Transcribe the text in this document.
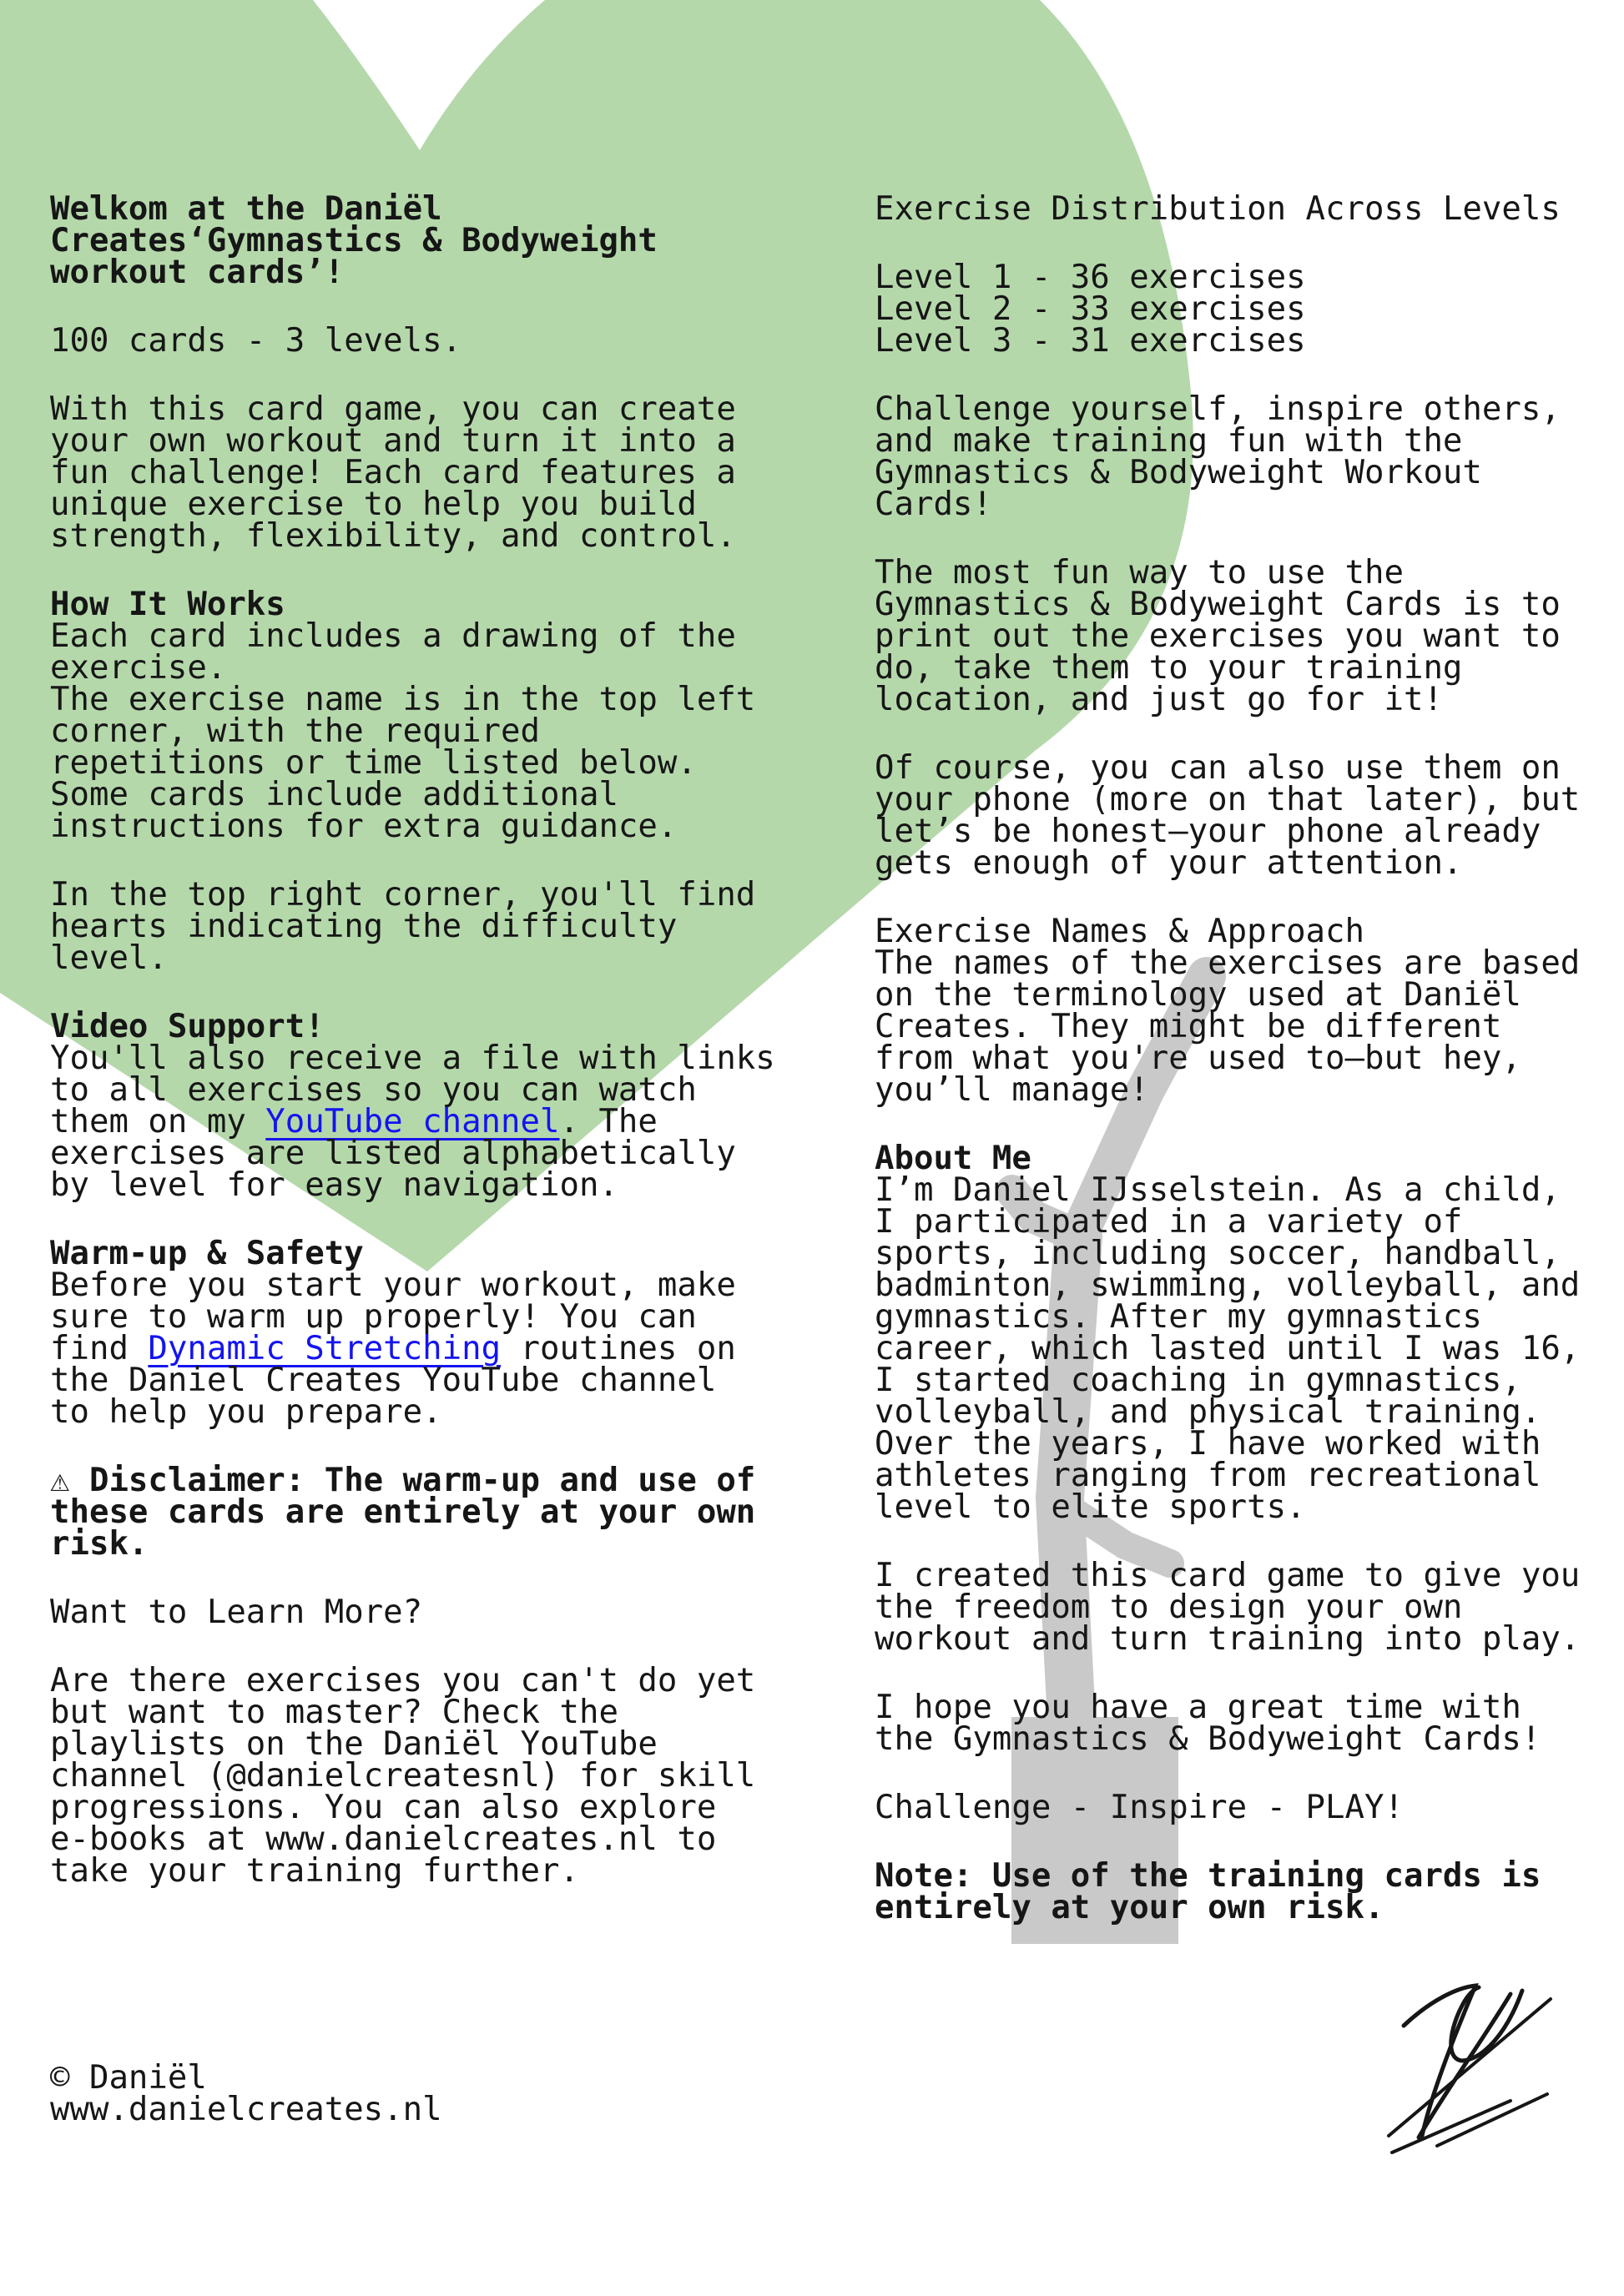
Welkom at the Daniël
Creates‘Gymnastics & Bodyweight
workout cards’!
100 cards - 3 levels.
With this card game, you can create
your own workout and turn it into a
fun challenge! Each card features a
unique exercise to help you build
strength, flexibility, and control.
How It Works
Each card includes a drawing of the
exercise.
The exercise name is in the top left
corner, with the required
repetitions or time listed below.
Some cards include additional
instructions for extra guidance.
In the top right corner, you'll find
hearts indicating the difficulty
level.
Video Support!
You'll also receive a file with links
to all exercises so you can watch
them on my YouTube channel. The
exercises are listed alphabetically
by level for easy navigation.
Warm-up & Safety
Before you start your workout, make
sure to warm up properly! You can
find Dynamic Stretching routines on
the Daniel Creates YouTube channel
to help you prepare.
⚠ Disclaimer: The warm-up and use of
these cards are entirely at your own
risk.
Want to Learn More?
Are there exercises you can't do yet
but want to master? Check the
playlists on the Daniël YouTube
channel (@danielcreatesnl) for skill
progressions. You can also explore
e-books at www.danielcreates.nl to
take your training further.
Exercise Distribution Across Levels
Level 1 - 36 exercises
Level 2 - 33 exercises
Level 3 - 31 exercises
Challenge yourself, inspire others,
and make training fun with the
Gymnastics & Bodyweight Workout
Cards!
The most fun way to use the
Gymnastics & Bodyweight Cards is to
print out the exercises you want to
do, take them to your training
location, and just go for it!
Of course, you can also use them on
your phone (more on that later), but
let’s be honest—your phone already
gets enough of your attention.
Exercise Names & Approach
The names of the exercises are based
on the terminology used at Daniël
Creates. They might be different
from what you're used to—but hey,
you’ll manage!
About Me
I’m Daniel IJsselstein. As a child,
I participated in a variety of
sports, including soccer, handball,
badminton, swimming, volleyball, and
gymnastics. After my gymnastics
career, which lasted until I was 16,
I started coaching in gymnastics,
volleyball, and physical training.
Over the years, I have worked with
athletes ranging from recreational
level to elite sports.
I created this card game to give you
the freedom to design your own
workout and turn training into play.
I hope you have a great time with
the Gymnastics & Bodyweight Cards!
Challenge - Inspire - PLAY!
Note: Use of the training cards is
entirely at your own risk.
© Daniël
www.danielcreates.nl
